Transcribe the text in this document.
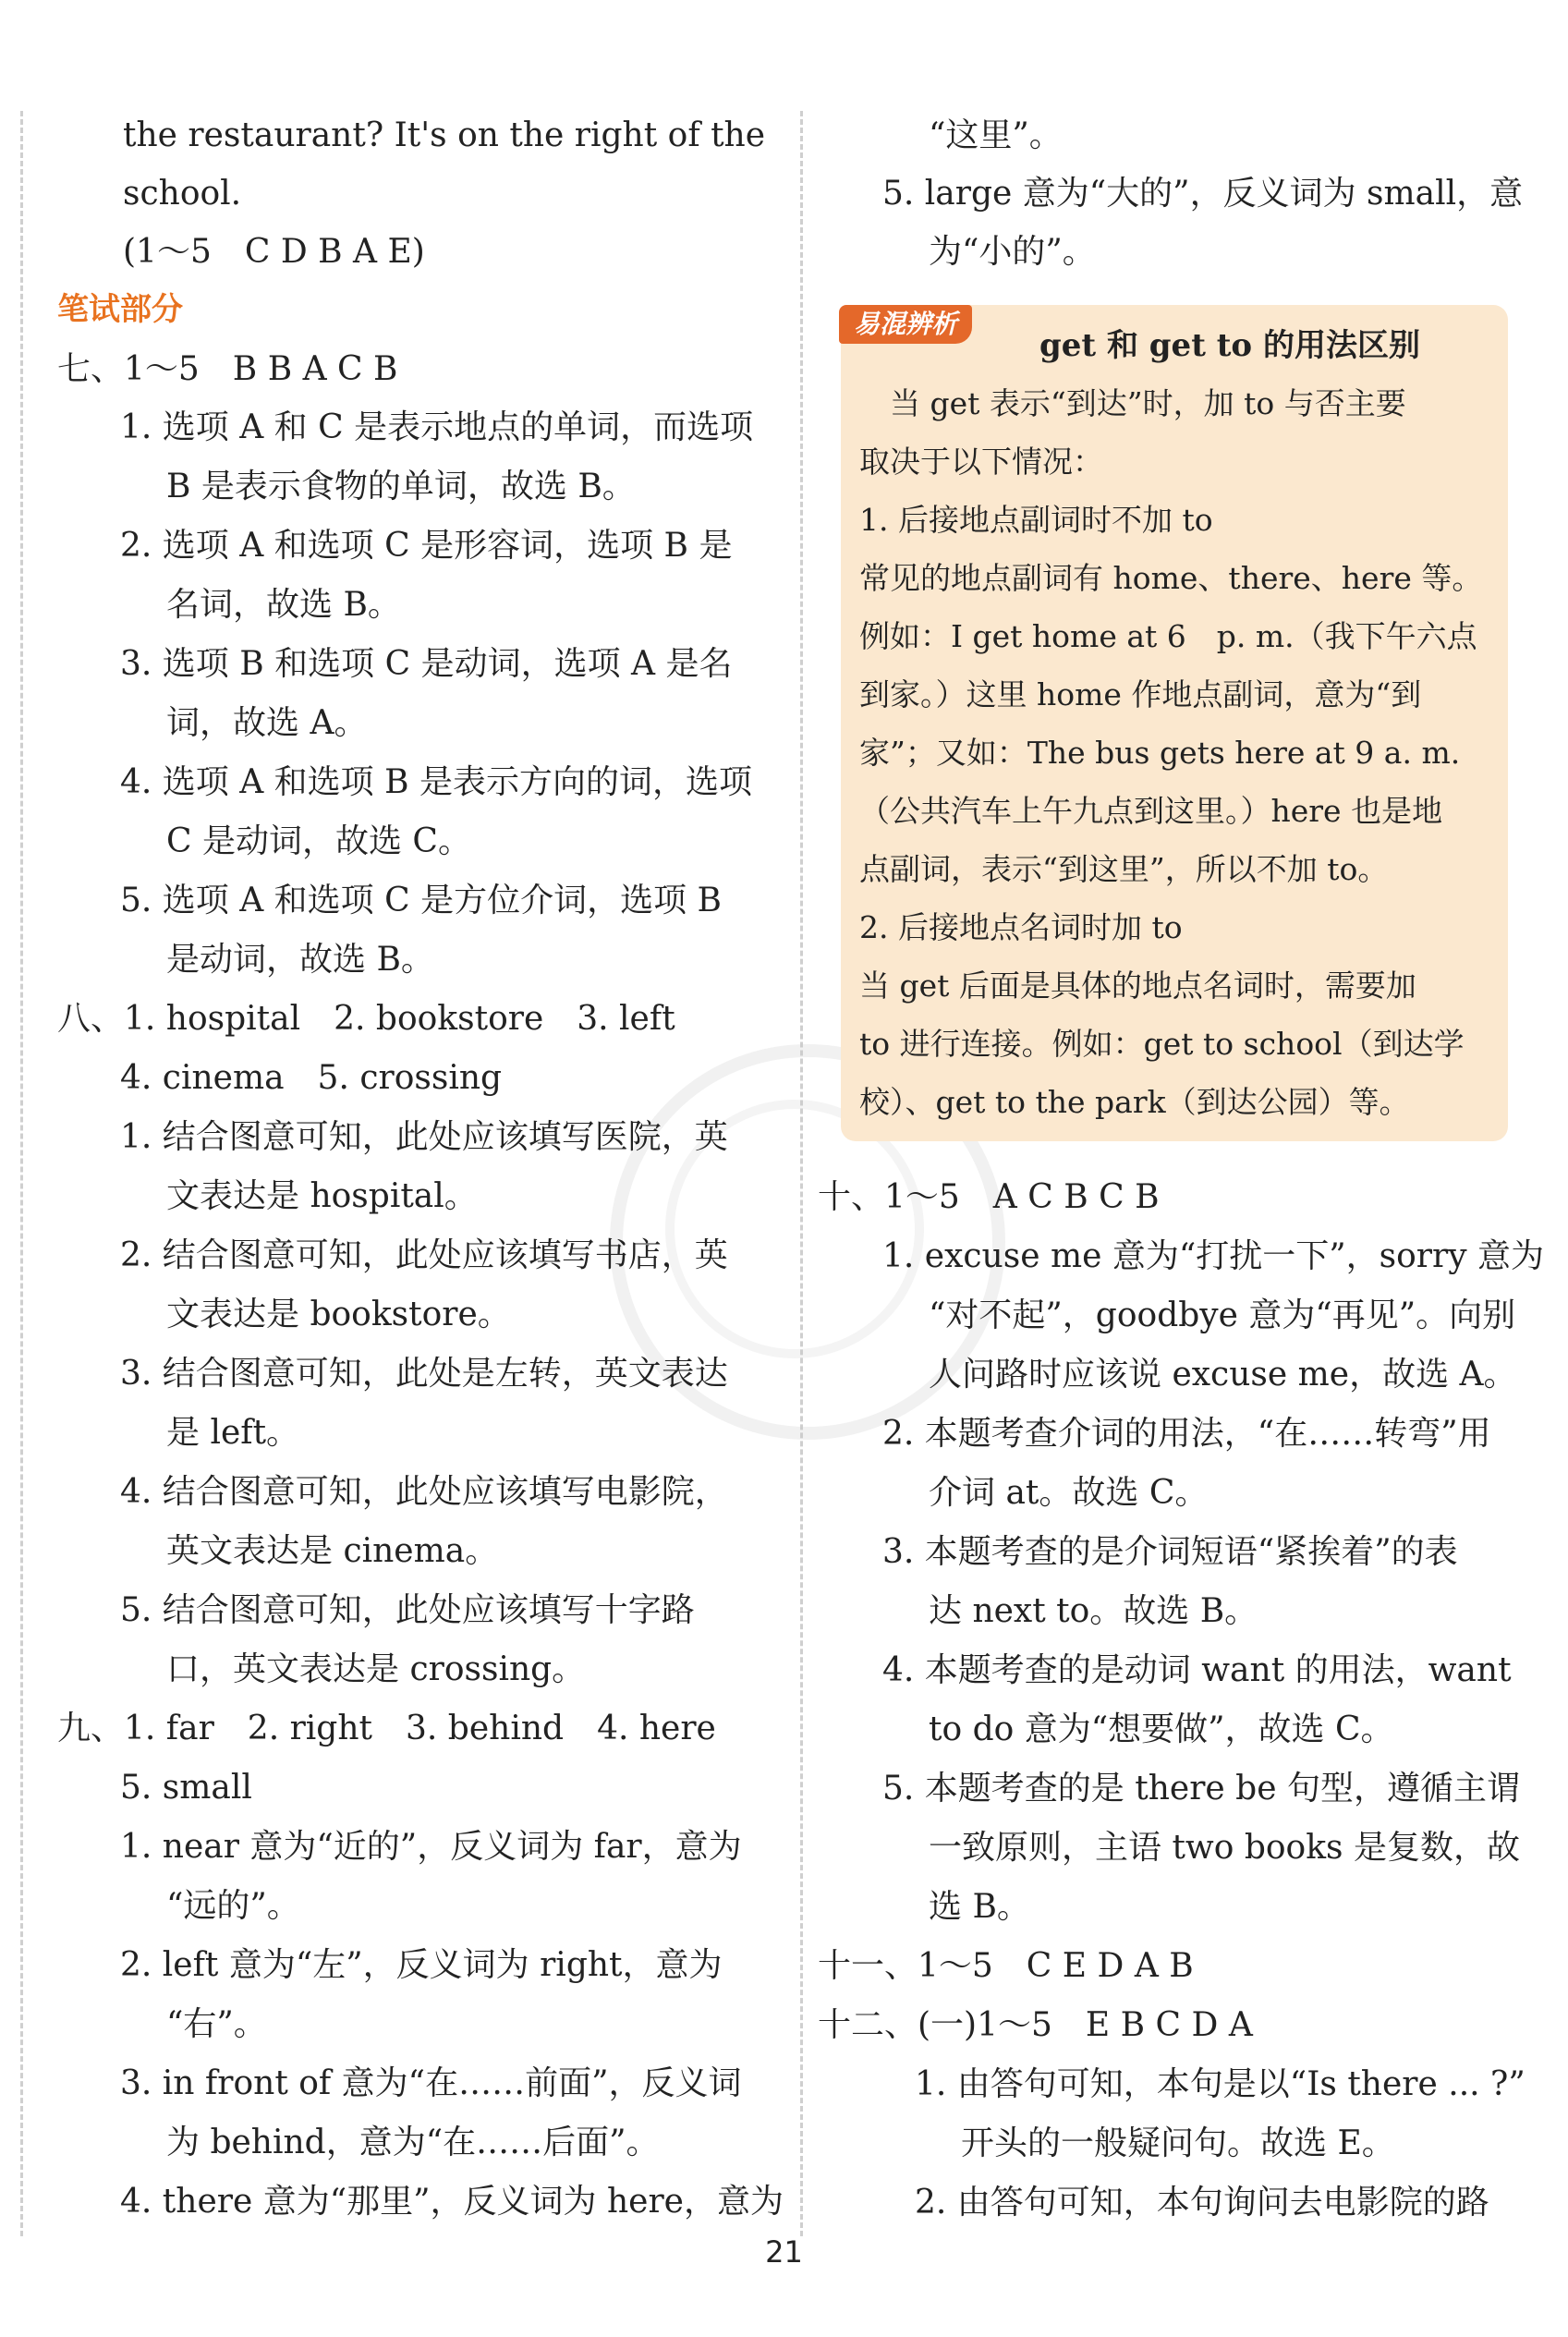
the restaurant? It's on the right of the
school.
(1～5　C D B A E)
笔试部分
七、1～5　B B A C B
1. 选项 A 和 C 是表示地点的单词，而选项
B 是表示食物的单词，故选 B。
2. 选项 A 和选项 C 是形容词，选项 B 是
名词，故选 B。
3. 选项 B 和选项 C 是动词，选项 A 是名
词，故选 A。
4. 选项 A 和选项 B 是表示方向的词，选项
C 是动词，故选 C。
5. 选项 A 和选项 C 是方位介词，选项 B
是动词，故选 B。
八、1. hospital　2. bookstore　3. left
4. cinema　5. crossing
1. 结合图意可知，此处应该填写医院，英
文表达是 hospital。
2. 结合图意可知，此处应该填写书店，英
文表达是 bookstore。
3. 结合图意可知，此处是左转，英文表达
是 left。
4. 结合图意可知，此处应该填写电影院，
英文表达是 cinema。
5. 结合图意可知，此处应该填写十字路
口，英文表达是 crossing。
九、1. far　2. right　3. behind　4. here
5. small
1. near 意为“近的”，反义词为 far，意为
“远的”。
2. left 意为“左”，反义词为 right，意为
“右”。
3. in front of 意为“在……前面”，反义词
为 behind，意为“在……后面”。
4. there 意为“那里”，反义词为 here，意为
“这里”。
5. large 意为“大的”，反义词为 small，意
为“小的”。
易混辨析
get 和 get to 的用法区别
　当 get 表示“到达”时，加 to 与否主要
取决于以下情况：
1. 后接地点副词时不加 to
常见的地点副词有 home、there、here 等。
例如：I get home at 6　p. m.（我下午六点
到家。）这里 home 作地点副词，意为“到
家”；又如：The bus gets here at 9 a. m.
（公共汽车上午九点到这里。）here 也是地
点副词，表示“到这里”，所以不加 to。
2. 后接地点名词时加 to
当 get 后面是具体的地点名词时，需要加
to 进行连接。例如：get to school（到达学
校）、get to the park（到达公园）等。
十、1～5　A C B C B
1. excuse me 意为“打扰一下”，sorry 意为
“对不起”，goodbye 意为“再见”。向别
人问路时应该说 excuse me，故选 A。
2. 本题考查介词的用法，“在……转弯”用
介词 at。故选 C。
3. 本题考查的是介词短语“紧挨着”的表
达 next to。故选 B。
4. 本题考查的是动词 want 的用法，want
to do 意为“想要做”，故选 C。
5. 本题考查的是 there be 句型，遵循主谓
一致原则，主语 two books 是复数，故
选 B。
十一、1～5　C E D A B
十二、(一)1～5　E B C D A
1. 由答句可知，本句是以“Is there ... ?”
开头的一般疑问句。故选 E。
2. 由答句可知，本句询问去电影院的路
21
